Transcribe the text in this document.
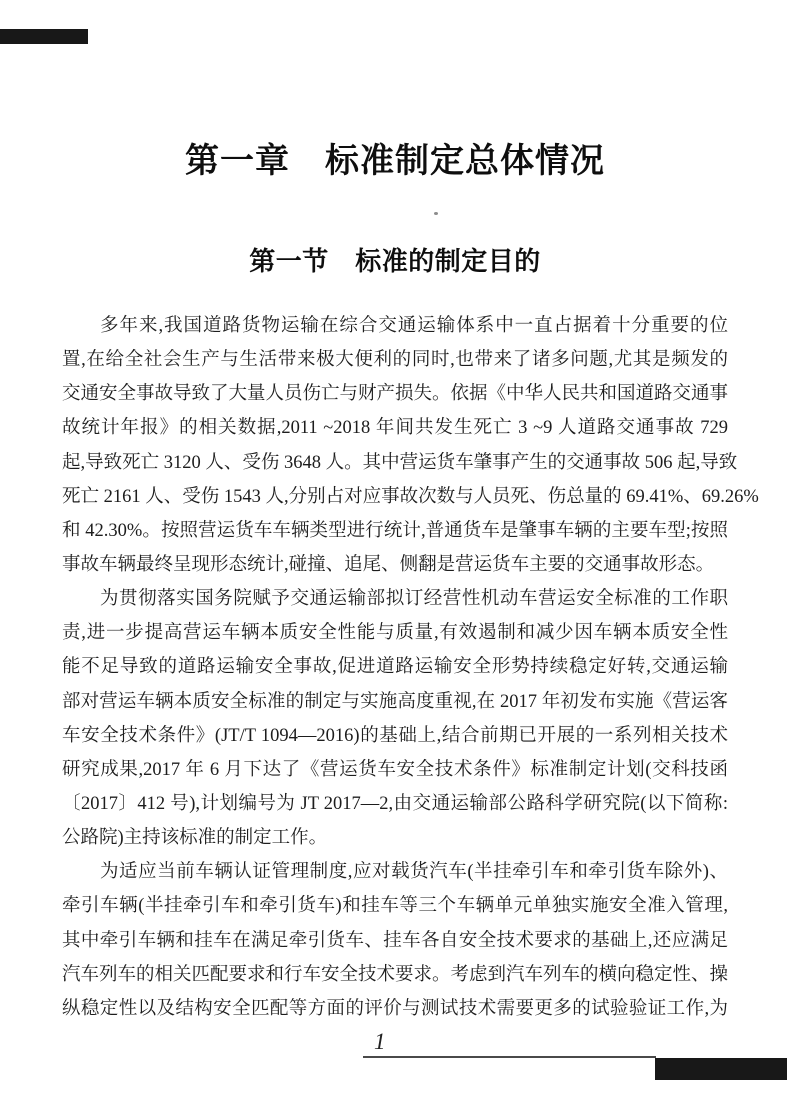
第一章　标准制定总体情况
第一节　标准的制定目的
多年来,我国道路货物运输在综合交通运输体系中一直占据着十分重要的位
置,在给全社会生产与生活带来极大便利的同时,也带来了诸多问题,尤其是频发的
交通安全事故导致了大量人员伤亡与财产损失。依据《中华人民共和国道路交通事
故统计年报》的相关数据,2011 ~2018 年间共发生死亡 3 ~9 人道路交通事故 729
起,导致死亡 3120 人、受伤 3648 人。其中营运货车肇事产生的交通事故 506 起,导致
死亡 2161 人、受伤 1543 人,分别占对应事故次数与人员死、伤总量的 69.41%、69.26%
和 42.30%。按照营运货车车辆类型进行统计,普通货车是肇事车辆的主要车型;按照
事故车辆最终呈现形态统计,碰撞、追尾、侧翻是营运货车主要的交通事故形态。
为贯彻落实国务院赋予交通运输部拟订经营性机动车营运安全标准的工作职
责,进一步提高营运车辆本质安全性能与质量,有效遏制和减少因车辆本质安全性
能不足导致的道路运输安全事故,促进道路运输安全形势持续稳定好转,交通运输
部对营运车辆本质安全标准的制定与实施高度重视,在 2017 年初发布实施《营运客
车安全技术条件》(JT/T 1094—2016)的基础上,结合前期已开展的一系列相关技术
研究成果,2017 年 6 月下达了《营运货车安全技术条件》标准制定计划(交科技函
〔2017〕412 号),计划编号为 JT 2017—2,由交通运输部公路科学研究院(以下简称:
公路院)主持该标准的制定工作。
为适应当前车辆认证管理制度,应对载货汽车(半挂牵引车和牵引货车除外)、
牵引车辆(半挂牵引车和牵引货车)和挂车等三个车辆单元单独实施安全准入管理,
其中牵引车辆和挂车在满足牵引货车、挂车各自安全技术要求的基础上,还应满足
汽车列车的相关匹配要求和行车安全技术要求。考虑到汽车列车的横向稳定性、操
纵稳定性以及结构安全匹配等方面的评价与测试技术需要更多的试验验证工作,为
1
